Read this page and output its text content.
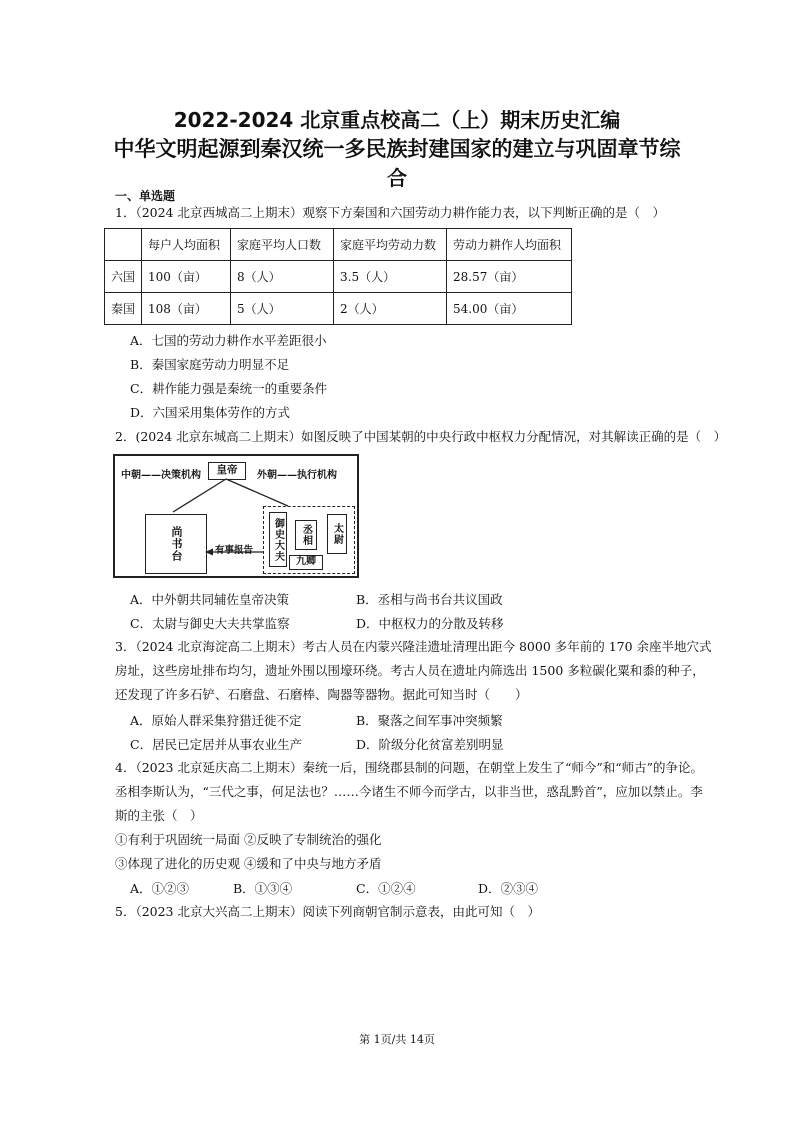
2022-2024 北京重点校高二（上）期末历史汇编
中华文明起源到秦汉统一多民族封建国家的建立与巩固章节综
合
一、单选题
1．（2024 北京西城高二上期末）观察下方秦国和六国劳动力耕作能力表，以下判断正确的是（　）
	每户人均面积	家庭平均人口数	家庭平均劳动力数	劳动力耕作人均面积
六国	100（亩）	8（人）	3.5（人）	28.57（亩）
秦国	108（亩）	5（人）	2（人）	54.00（亩）
A．七国的劳动力耕作水平差距很小
B．秦国家庭劳动力明显不足
C．耕作能力强是秦统一的重要条件
D．六国采用集体劳作的方式
2．(2024 北京东城高二上期末）如图反映了中国某朝的中央行政中枢权力分配情况，对其解读正确的是（　）
中朝——决策机构	皇帝	外朝——执行机构
尚书台	有事报告	御史大夫	丞相	太尉
九卿
A．中外朝共同辅佐皇帝决策	B．丞相与尚书台共议国政
C．太尉与御史大夫共掌监察	D．中枢权力的分散及转移
3．（2024 北京海淀高二上期末）考古人员在内蒙兴隆洼遗址清理出距今 8000 多年前的 170 余座半地穴式
房址，这些房址排布均匀，遗址外围以围壕环绕。考古人员在遗址内筛选出 1500 多粒碳化粟和黍的种子，
还发现了许多石铲、石磨盘、石磨棒、陶器等器物。据此可知当时（　　）
A．原始人群采集狩猎迁徙不定	B．聚落之间军事冲突频繁
C．居民已定居并从事农业生产	D．阶级分化贫富差别明显
4．（2023 北京延庆高二上期末）秦统一后，围绕郡县制的问题，在朝堂上发生了“师今”和“师古”的争论。
丞相李斯认为，“三代之事，何足法也？……今诸生不师今而学古，以非当世，惑乱黔首”，应加以禁止。李
斯的主张（　）
①有利于巩固统一局面 ②反映了专制统治的强化
③体现了进化的历史观 ④缓和了中央与地方矛盾
A．①②③	B．①③④	C．①②④	D．②③④
5．（2023 北京大兴高二上期末）阅读下列商朝官制示意表，由此可知（　）
第 1页/共 14页
